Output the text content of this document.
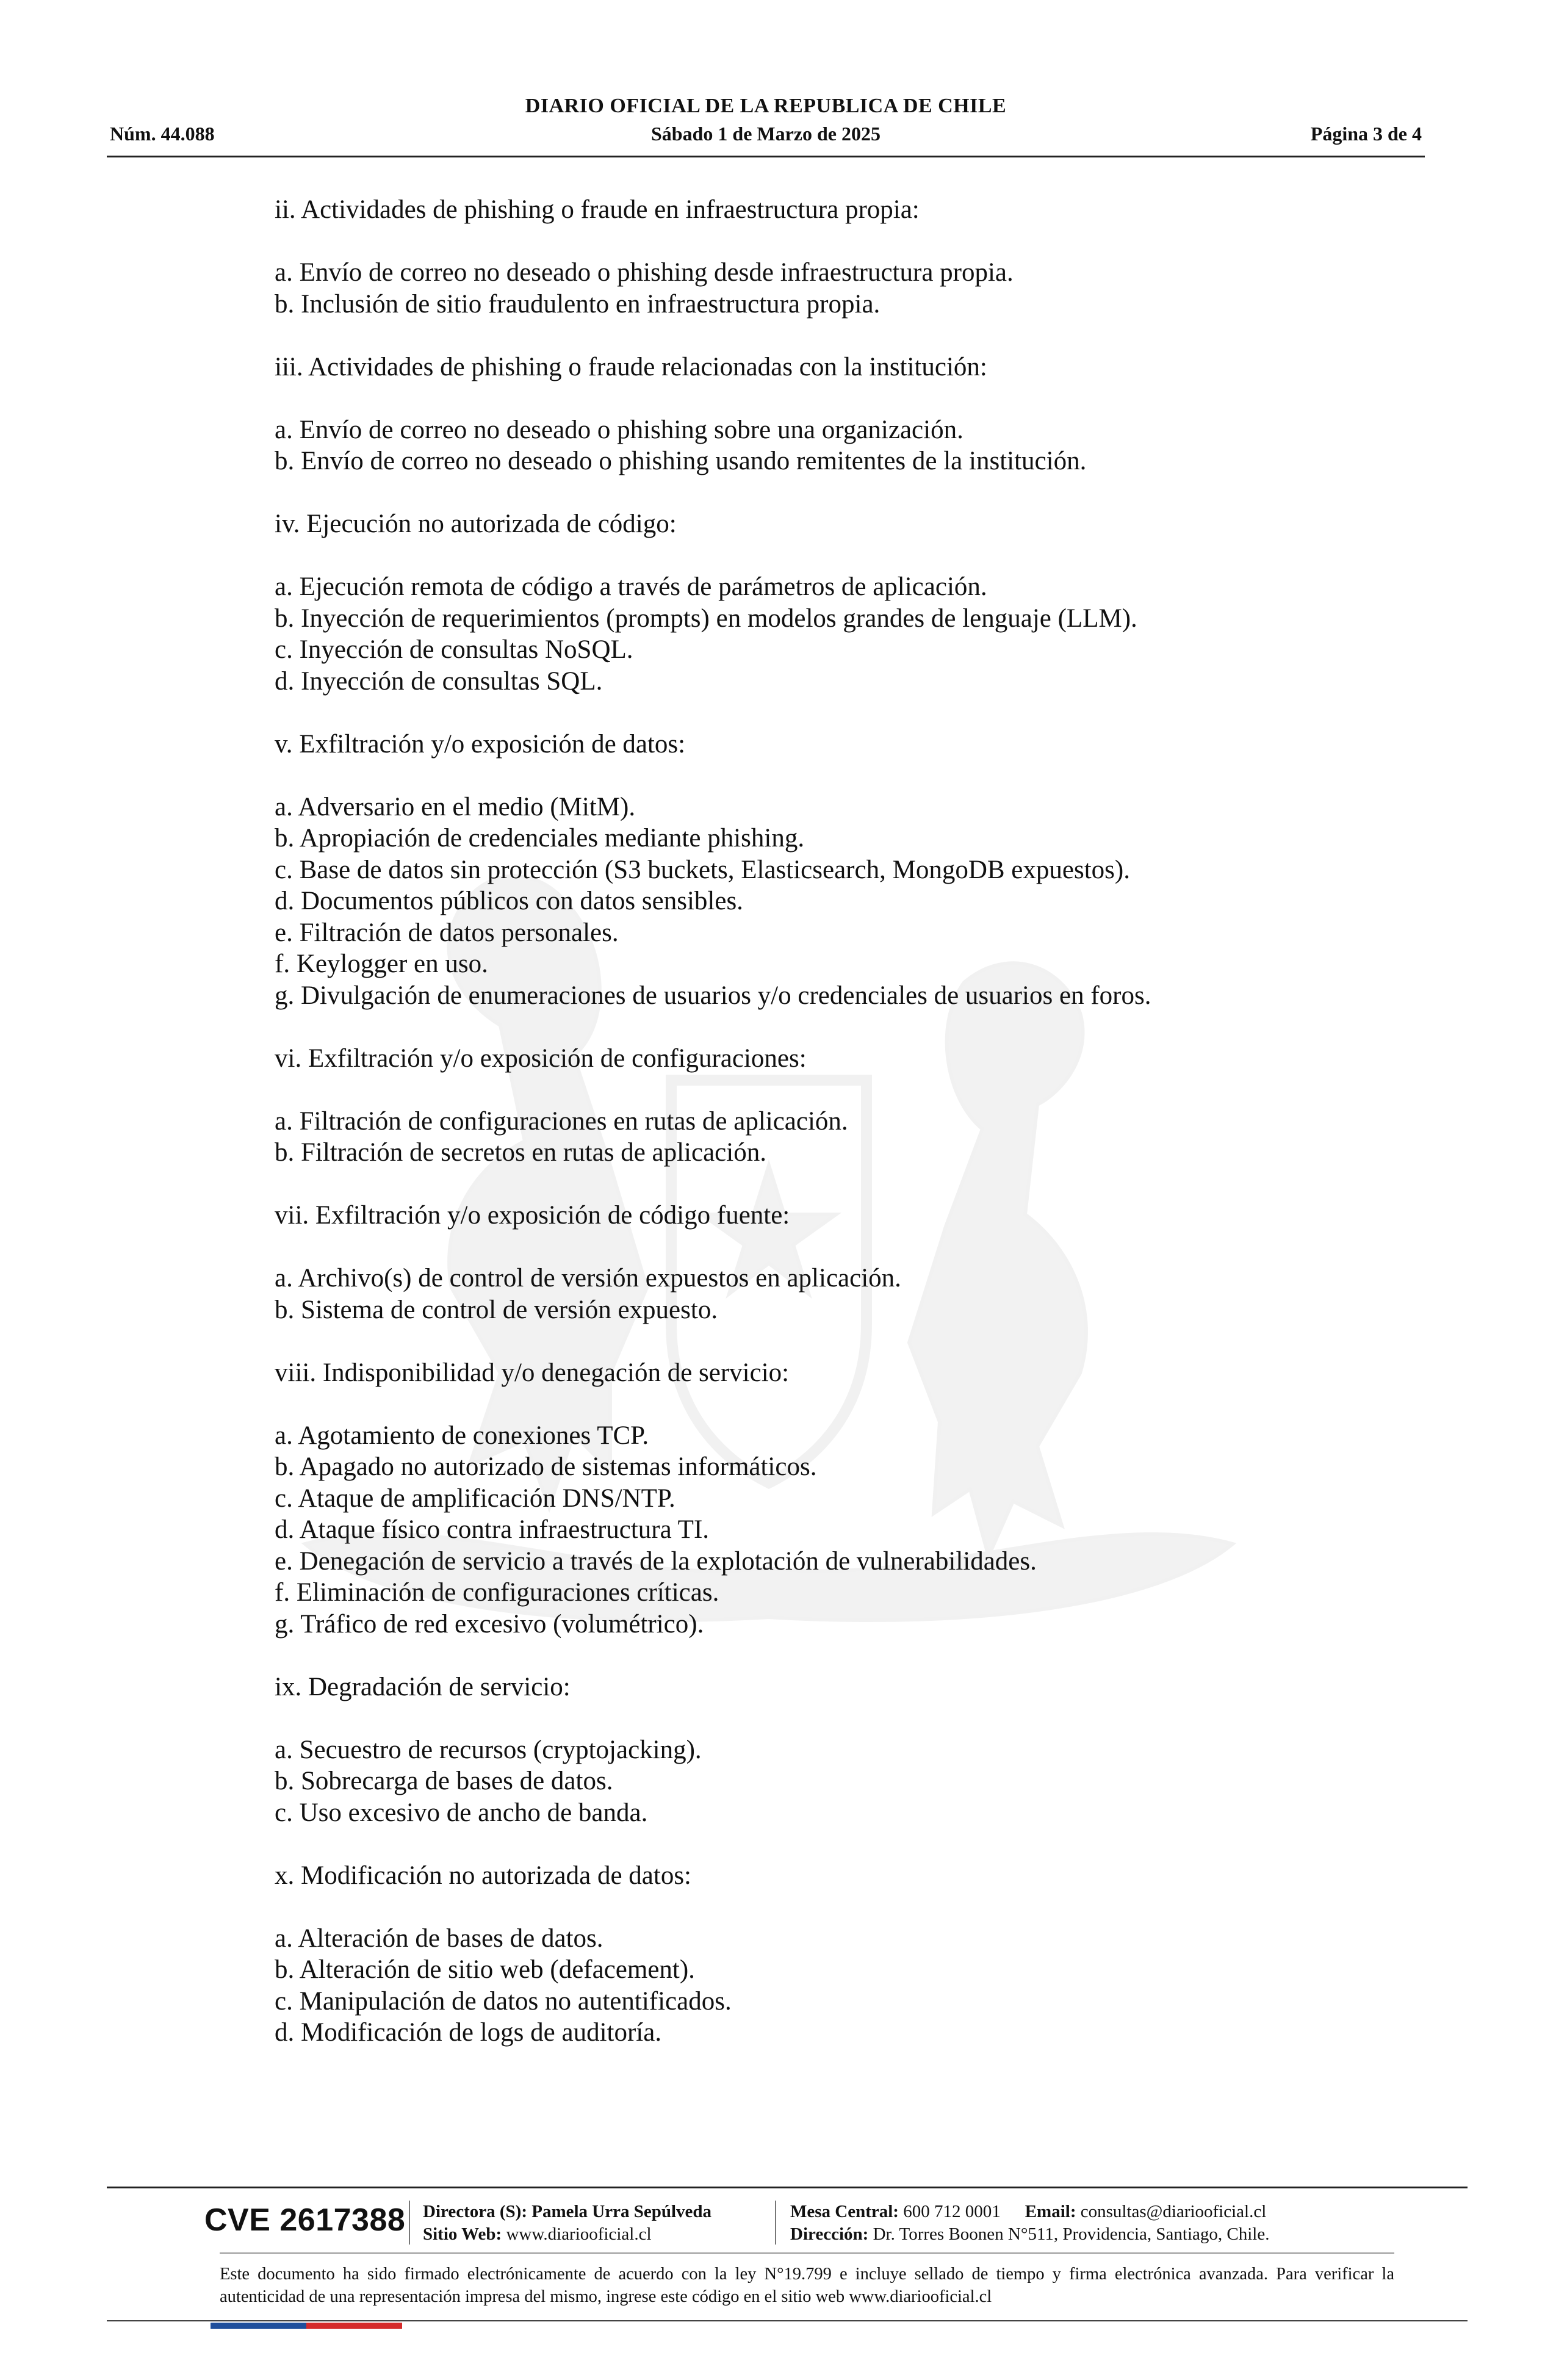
DIARIO OFICIAL DE LA REPUBLICA DE CHILE
Núm. 44.088	Sábado 1 de Marzo de 2025	Página 3 de 4
ii. Actividades de phishing o fraude en infraestructura propia:
a. Envío de correo no deseado o phishing desde infraestructura propia.
b. Inclusión de sitio fraudulento en infraestructura propia.
iii. Actividades de phishing o fraude relacionadas con la institución:
a. Envío de correo no deseado o phishing sobre una organización.
b. Envío de correo no deseado o phishing usando remitentes de la institución.
iv. Ejecución no autorizada de código:
a. Ejecución remota de código a través de parámetros de aplicación.
b. Inyección de requerimientos (prompts) en modelos grandes de lenguaje (LLM).
c. Inyección de consultas NoSQL.
d. Inyección de consultas SQL.
v. Exfiltración y/o exposición de datos:
a. Adversario en el medio (MitM).
b. Apropiación de credenciales mediante phishing.
c. Base de datos sin protección (S3 buckets, Elasticsearch, MongoDB expuestos).
d. Documentos públicos con datos sensibles.
e. Filtración de datos personales.
f. Keylogger en uso.
g. Divulgación de enumeraciones de usuarios y/o credenciales de usuarios en foros.
vi. Exfiltración y/o exposición de configuraciones:
a. Filtración de configuraciones en rutas de aplicación.
b. Filtración de secretos en rutas de aplicación.
vii. Exfiltración y/o exposición de código fuente:
a. Archivo(s) de control de versión expuestos en aplicación.
b. Sistema de control de versión expuesto.
viii. Indisponibilidad y/o denegación de servicio:
a. Agotamiento de conexiones TCP.
b. Apagado no autorizado de sistemas informáticos.
c. Ataque de amplificación DNS/NTP.
d. Ataque físico contra infraestructura TI.
e. Denegación de servicio a través de la explotación de vulnerabilidades.
f. Eliminación de configuraciones críticas.
g. Tráfico de red excesivo (volumétrico).
ix. Degradación de servicio:
a. Secuestro de recursos (cryptojacking).
b. Sobrecarga de bases de datos.
c. Uso excesivo de ancho de banda.
x. Modificación no autorizada de datos:
a. Alteración de bases de datos.
b. Alteración de sitio web (defacement).
c. Manipulación de datos no autentificados.
d. Modificación de logs de auditoría.
CVE 2617388 Directora (S): Pamela Urra Sepúlveda
Sitio Web: www.diariooficial.cl
Mesa Central: 600 712 0001 Email: consultas@diariooficial.cl
Dirección: Dr. Torres Boonen N°511, Providencia, Santiago, Chile.
Este documento ha sido firmado electrónicamente de acuerdo con la ley N°19.799 e incluye sellado de tiempo y firma electrónica avanzada. Para verificar la autenticidad de una representación impresa del mismo, ingrese este código en el sitio web www.diariooficial.cl
